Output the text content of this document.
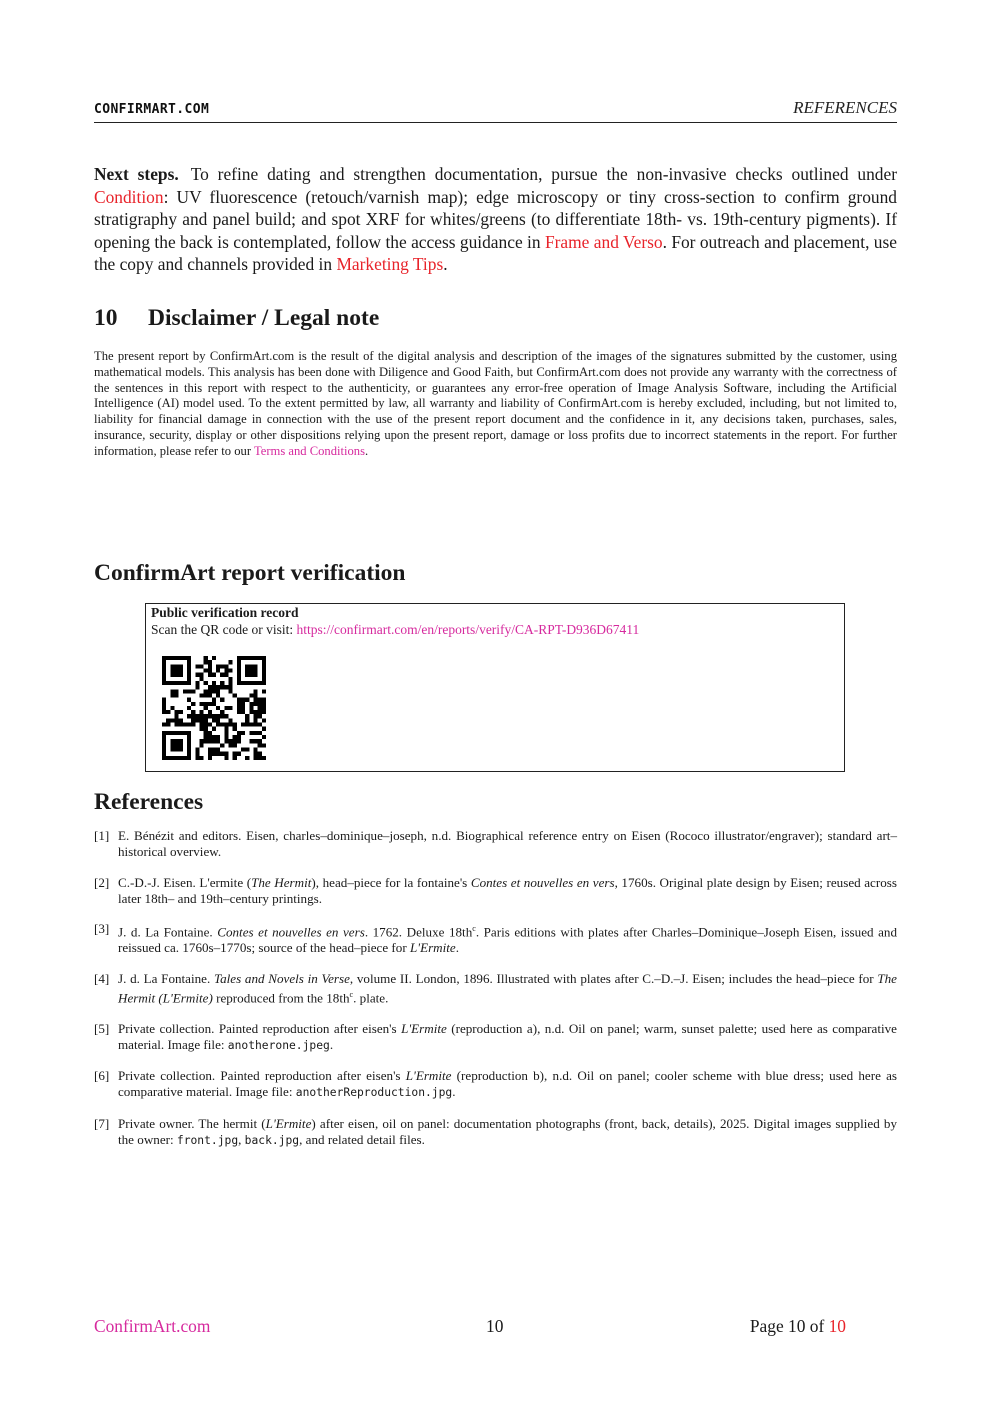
CONFIRMART.COM	REFERENCES

Next steps. To refine dating and strengthen documentation, pursue the non-invasive checks outlined under Condition: UV fluorescence (retouch/varnish map); edge microscopy or tiny cross-section to confirm ground stratigraphy and panel build; and spot XRF for whites/greens (to differentiate 18th- vs. 19th-century pigments). If opening the back is contemplated, follow the access guidance in Frame and Verso. For outreach and placement, use the copy and channels provided in Marketing Tips.

10 Disclaimer / Legal note

The present report by ConfirmArt.com is the result of the digital analysis and description of the images of the signatures submitted by the customer, using mathematical models. This analysis has been done with Diligence and Good Faith, but ConfirmArt.com does not provide any warranty with the correctness of the sentences in this report with respect to the authenticity, or guarantees any error-free operation of Image Analysis Software, including the Artificial Intelligence (AI) model used. To the extent permitted by law, all warranty and liability of ConfirmArt.com is hereby excluded, including, but not limited to, liability for financial damage in connection with the use of the present report document and the confidence in it, any decisions taken, purchases, sales, insurance, security, display or other dispositions relying upon the present report, damage or loss profits due to incorrect statements in the report. For further information, please refer to our Terms and Conditions.

ConfirmArt report verification
Public verification record
Scan the QR code or visit: https://confirmart.com/en/reports/verify/CA-RPT-D936D67411
References
[1] E. Bénézit and editors. Eisen, charles–dominique–joseph, n.d. Biographical reference entry on Eisen (Rococo illustrator/engraver); standard art–historical overview.
[2] C.-D.-J. Eisen. L'ermite (The Hermit), head–piece for la fontaine's Contes et nouvelles en vers, 1760s. Original plate design by Eisen; reused across later 18th– and 19th–century printings.
[3] J. d. La Fontaine. Contes et nouvelles en vers. 1762. Deluxe $18th^c$. Paris editions with plates after Charles–Dominique–Joseph Eisen, issued and reissued ca. 1760s–1770s; source of the head–piece for L'Ermite.
[4] J. d. La Fontaine. Tales and Novels in Verse, volume II. London, 1896. Illustrated with plates after C.–D.–J. Eisen; includes the head–piece for The Hermit (L'Ermite) reproduced from the $18th^c$. plate.
[5] Private collection. Painted reproduction after eisen's L'Ermite (reproduction a), n.d. Oil on panel; warm, sunset palette; used here as comparative material. Image file: anotherone.jpeg.
[6] Private collection. Painted reproduction after eisen's L'Ermite (reproduction b), n.d. Oil on panel; cooler scheme with blue dress; used here as comparative material. Image file: anotherReproduction.jpg.
[7] Private owner. The hermit (L'Ermite) after eisen, oil on panel: documentation photographs (front, back, details), 2025. Digital images supplied by the owner: front.jpg, back.jpg, and related detail files.
ConfirmArt.com	10	Page 10 of 10
